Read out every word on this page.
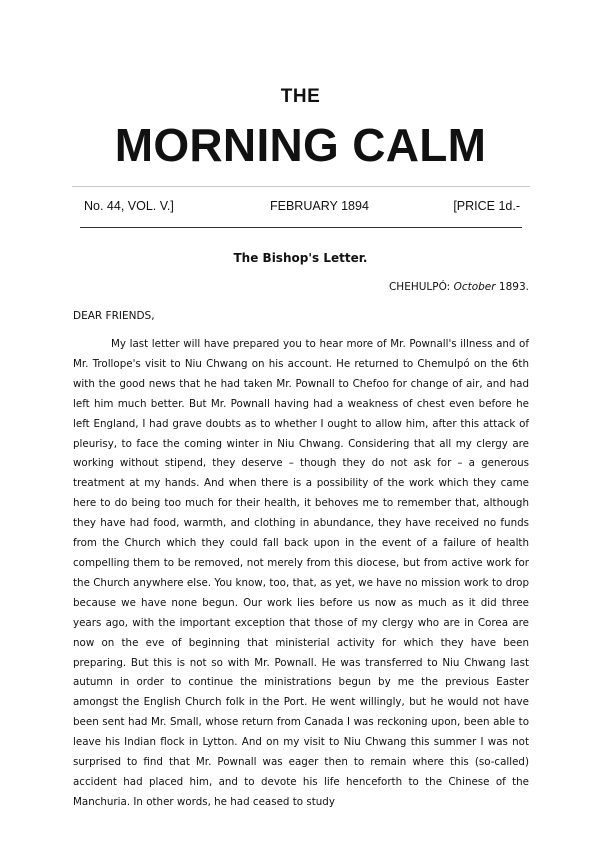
THE
MORNING CALM
No. 44, VOL. V.]	FEBRUARY 1894	[PRICE 1d.-
The Bishop's Letter.
CHEHULPÓ: October 1893.
DEAR FRIENDS,

My last letter will have prepared you to hear more of Mr. Pownall's illness and of Mr. Trollope's visit to Niu Chwang on his account. He returned to Chemulpó on the 6th with the good news that he had taken Mr. Pownall to Chefoo for change of air, and had left him much better. But Mr. Pownall having had a weakness of chest even before he left England, I had grave doubts as to whether I ought to allow him, after this attack of pleurisy, to face the coming winter in Niu Chwang. Considering that all my clergy are working without stipend, they deserve – though they do not ask for – a generous treatment at my hands. And when there is a possibility of the work which they came here to do being too much for their health, it behoves me to remember that, although they have had food, warmth, and clothing in abundance, they have received no funds from the Church which they could fall back upon in the event of a failure of health compelling them to be removed, not merely from this diocese, but from active work for the Church anywhere else. You know, too, that, as yet, we have no mission work to drop because we have none begun. Our work lies before us now as much as it did three years ago, with the important exception that those of my clergy who are in Corea are now on the eve of beginning that ministerial activity for which they have been preparing. But this is not so with Mr. Pownall. He was transferred to Niu Chwang last autumn in order to continue the ministrations begun by me the previous Easter amongst the English Church folk in the Port. He went willingly, but he would not have been sent had Mr. Small, whose return from Canada I was reckoning upon, been able to leave his Indian flock in Lytton. And on my visit to Niu Chwang this summer I was not surprised to find that Mr. Pownall was eager then to remain where this (so-called) accident had placed him, and to devote his life henceforth to the Chinese of the Manchuria. In other words, he had ceased to study
